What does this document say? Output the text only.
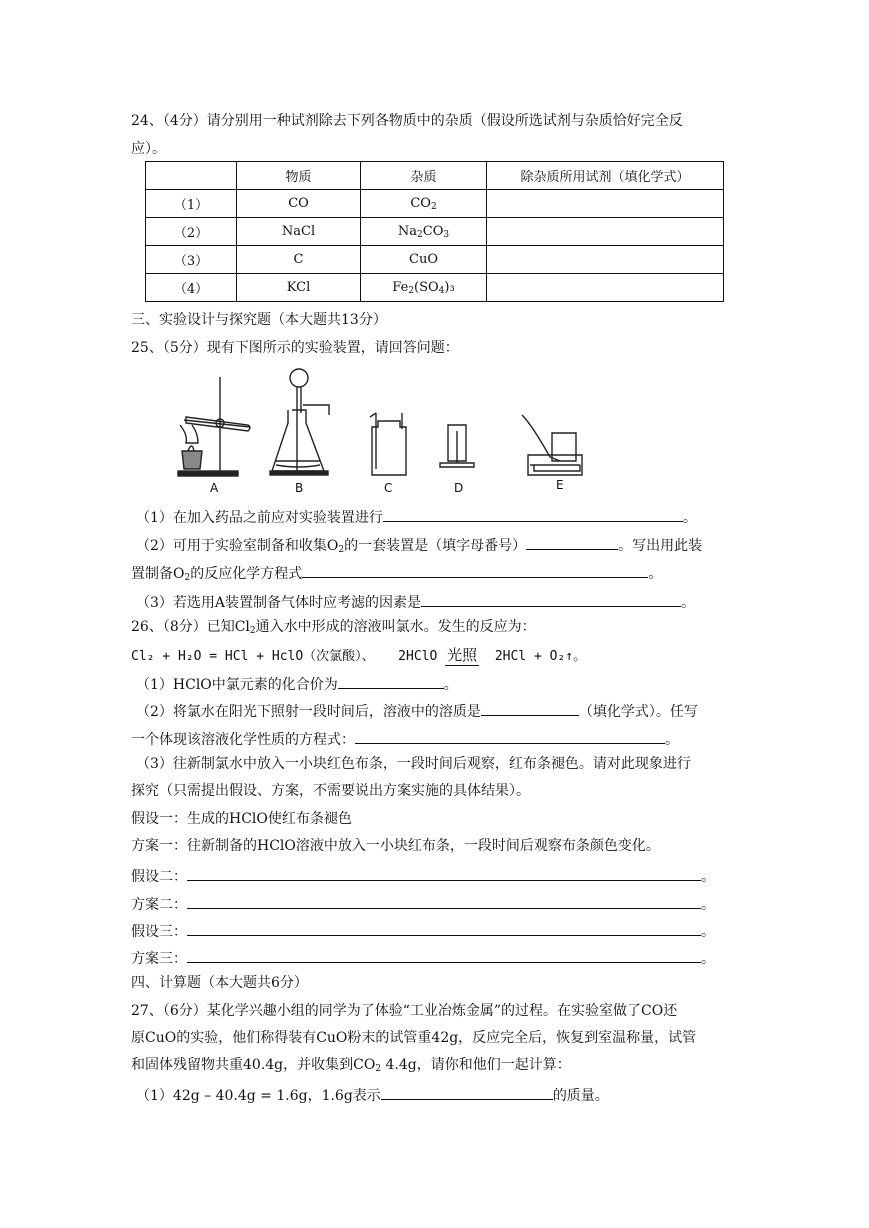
24、（4分）请分别用一种试剂除去下列各物质中的杂质（假设所选试剂与杂质恰好完全反
应）。
	物质	杂质	除杂质所用试剂（填化学式）
（1）	CO	$CO_2$	
（2）	NaCl	$Na_2CO_3$	
（3）	C	CuO	
（4）	KCl	$Fe_2(SO_4)_3$	
三、实验设计与探究题（本大题共13分）
25、（5分）现有下图所示的实验装置，请回答问题：
A	B	C	D	E
（1）在加入药品之前应对实验装置进行	。
（2）可用于实验室制备和收集$O_2$的一套装置是（填字母番号）	。写出用此装
置制备$O_2$的反应化学方程式	。
（3）若选用A装置制备气体时应考滤的因素是	。
26、（8分）已知$Cl_2$通入水中形成的溶液叫氯水。发生的反应为：
Cl₂ + H₂O = HCl + HclO（次氯酸）、 2HClO 光照 2HCl + O₂↑。
（1）HClO中氯元素的化合价为	。
（2）将氯水在阳光下照射一段时间后，溶液中的溶质是	（填化学式）。任写
一个体现该溶液化学性质的方程式：	。
（3）往新制氯水中放入一小块红色布条，一段时间后观察，红布条褪色。请对此现象进行
探究（只需提出假设、方案，不需要说出方案实施的具体结果）。
假设一：生成的HClO使红布条褪色
方案一：往新制备的HClO溶液中放入一小块红布条，一段时间后观察布条颜色变化。
假设二：	。
方案二：	。
假设三：	。
方案三：	。
四、计算题（本大题共6分）
27、（6分）某化学兴趣小组的同学为了体验“工业冶炼金属”的过程。在实验室做了CO还
原CuO的实验，他们称得装有CuO粉末的试管重42g，反应完全后，恢复到室温称量，试管
和固体残留物共重40.4g，并收集到$CO_2$ 4.4g，请你和他们一起计算：
（1）42g – 40.4g = 1.6g，1.6g表示	的质量。
